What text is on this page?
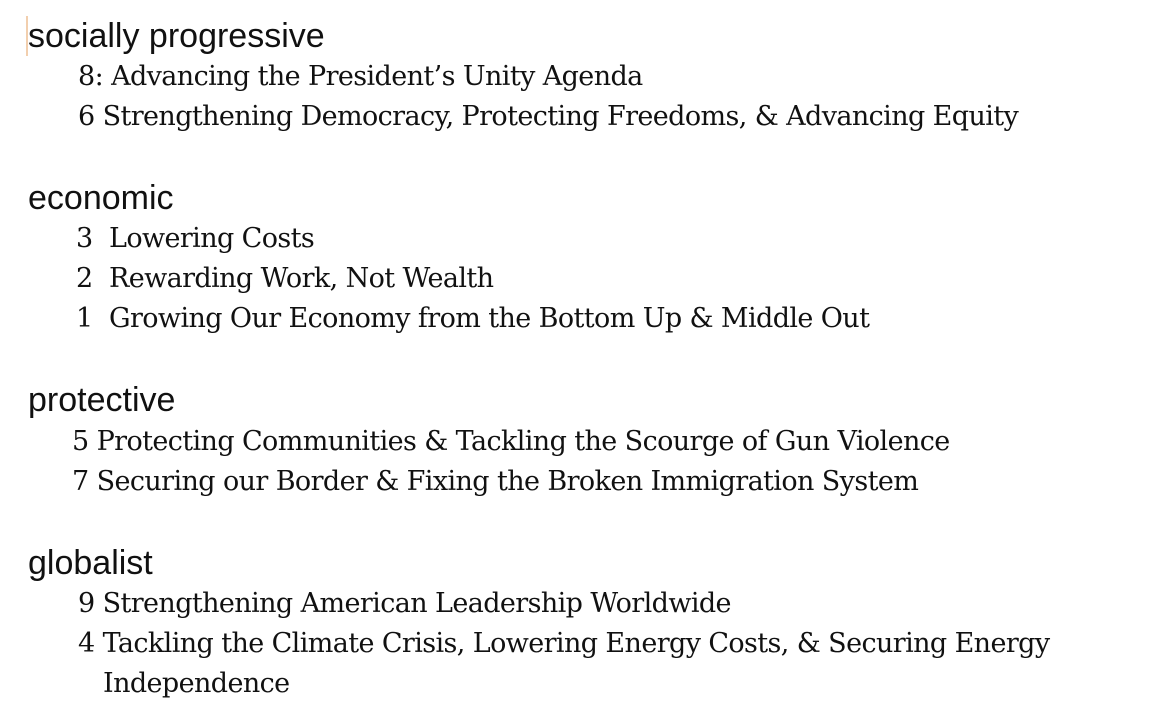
socially progressive
8: Advancing the President’s Unity Agenda
6 Strengthening Democracy, Protecting Freedoms, & Advancing Equity
economic
3 Lowering Costs
2 Rewarding Work, Not Wealth
1 Growing Our Economy from the Bottom Up & Middle Out
protective
5 Protecting Communities & Tackling the Scourge of Gun Violence
7 Securing our Border & Fixing the Broken Immigration System
globalist
9 Strengthening American Leadership Worldwide
4 Tackling the Climate Crisis, Lowering Energy Costs, & Securing Energy
Independence
